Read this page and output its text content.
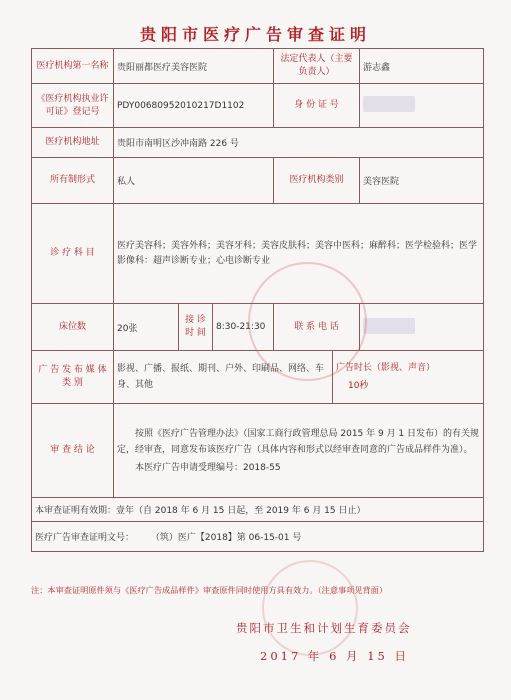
贵阳市医疗广告审查证明
医疗机构第一名称	贵阳丽都医疗美容医院			法定代表人（主要负责人）		游志鑫
《医疗机构执业许可证》登记号	PDY00680952010217D1102			身 份 证 号		
医疗机构地址	贵阳市南明区沙冲南路 226 号					
所有制形式	私人			医疗机构类别		美容医院
诊 疗 科 目	医疗美容科；美容外科；美容牙科；美容皮肤科；美容中医科；麻醉科；医学检验科；医学影像科：超声诊断专业；心电诊断专业					
床位数	20张	接 诊 时 间	8:30-21:30	联 系 电 话		
广 告 发 布 媒 体 类 别	影视、广播、报纸、期刊、户外、印刷品、网络、车身、其他				广告时长（影视、声音）
10秒	

审 查 结 论	按照《医疗广告管理办法》（国家工商行政管理总局 2015 年 9 月 1 日发布）的有关规定，经审查，同意发布该医疗广告（具体内容和形式以经审查同意的广告成品样件为准）。

本医疗广告申请受理编号：2018-55					

本审查证明有效期：壹年（自 2018 年 6 月 15 日起，至 2019 年 6 月 15 日止）						
医疗广告审查证明文号： （筑）医广【2018】第 06-15-01 号						
注：本审查证明原件须与《医疗广告成品样件》审查原件同时使用方具有效力。（注意事项见背面）
贵阳市卫生和计划生育委员会
2017 年 6 月 15 日
